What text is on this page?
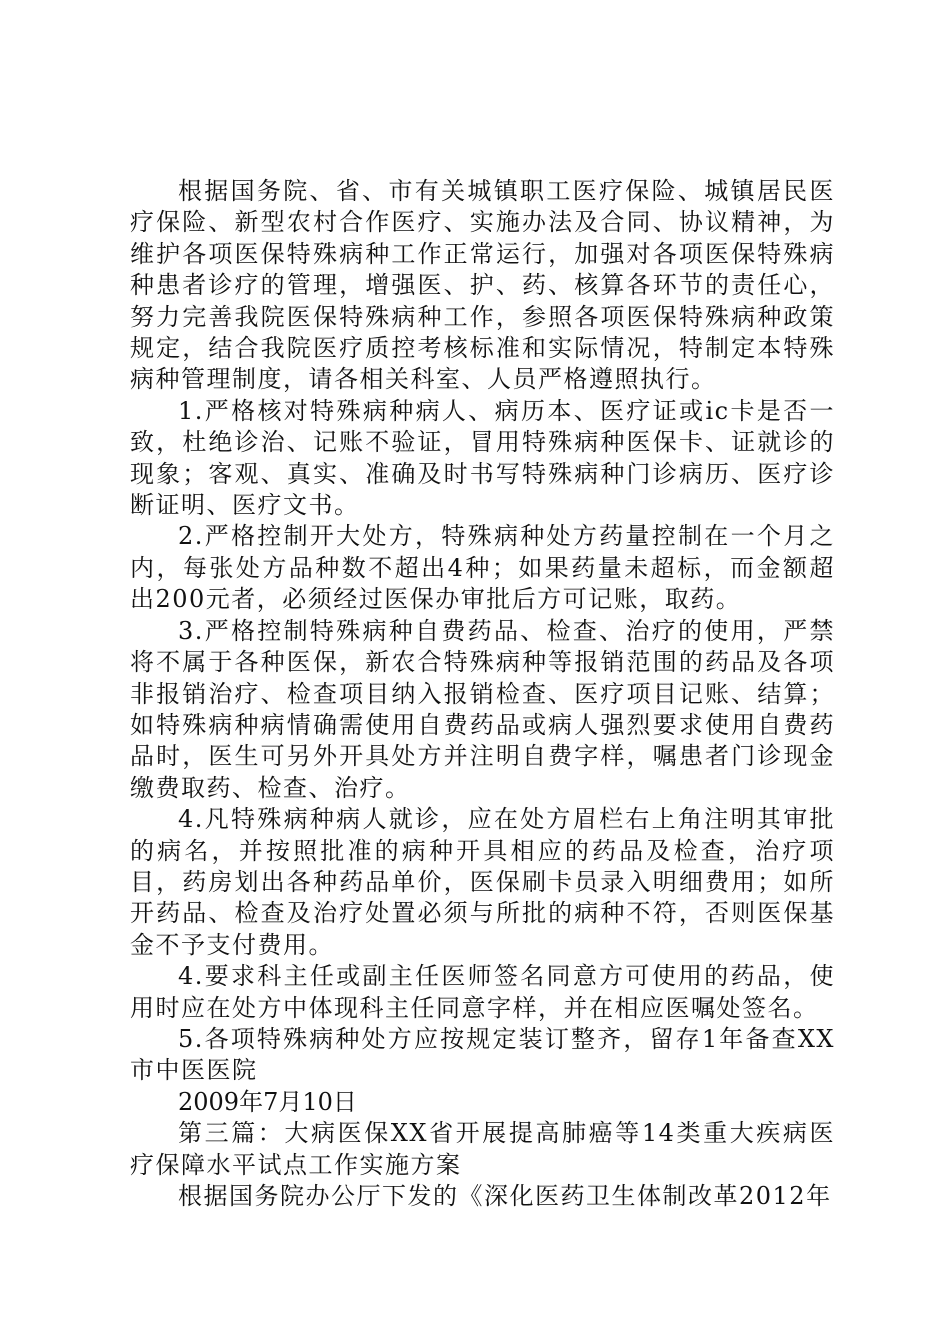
根据国务院、省、市有关城镇职工医疗保险、城镇居民医疗保险、新型农村合作医疗、实施办法及合同、协议精神，为维护各项医保特殊病种工作正常运行，加强对各项医保特殊病种患者诊疗的管理，增强医、护、药、核算各环节的责任心，努力完善我院医保特殊病种工作，参照各项医保特殊病种政策规定，结合我院医疗质控考核标准和实际情况，特制定本特殊病种管理制度，请各相关科室、人员严格遵照执行。

1.严格核对特殊病种病人、病历本、医疗证或ic卡是否一致，杜绝诊治、记账不验证，冒用特殊病种医保卡、证就诊的现象；客观、真实、准确及时书写特殊病种门诊病历、医疗诊断证明、医疗文书。

2.严格控制开大处方，特殊病种处方药量控制在一个月之内，每张处方品种数不超出4种；如果药量未超标，而金额超出200元者，必须经过医保办审批后方可记账，取药。

3.严格控制特殊病种自费药品、检查、治疗的使用，严禁将不属于各种医保，新农合特殊病种等报销范围的药品及各项非报销治疗、检查项目纳入报销检查、医疗项目记账、结算；如特殊病种病情确需使用自费药品或病人强烈要求使用自费药品时，医生可另外开具处方并注明自费字样，嘱患者门诊现金缴费取药、检查、治疗。

4.凡特殊病种病人就诊，应在处方眉栏右上角注明其审批的病名，并按照批准的病种开具相应的药品及检查，治疗项目，药房划出各种药品单价，医保刷卡员录入明细费用；如所开药品、检查及治疗处置必须与所批的病种不符，否则医保基金不予支付费用。

4.要求科主任或副主任医师签名同意方可使用的药品，使用时应在处方中体现科主任同意字样，并在相应医嘱处签名。

5.各项特殊病种处方应按规定装订整齐，留存1年备查XX市中医医院

2009年7月10日

第三篇：大病医保XX省开展提高肺癌等14类重大疾病医疗保障水平试点工作实施方案

根据国务院办公厅下发的《深化医药卫生体制改革2012年
